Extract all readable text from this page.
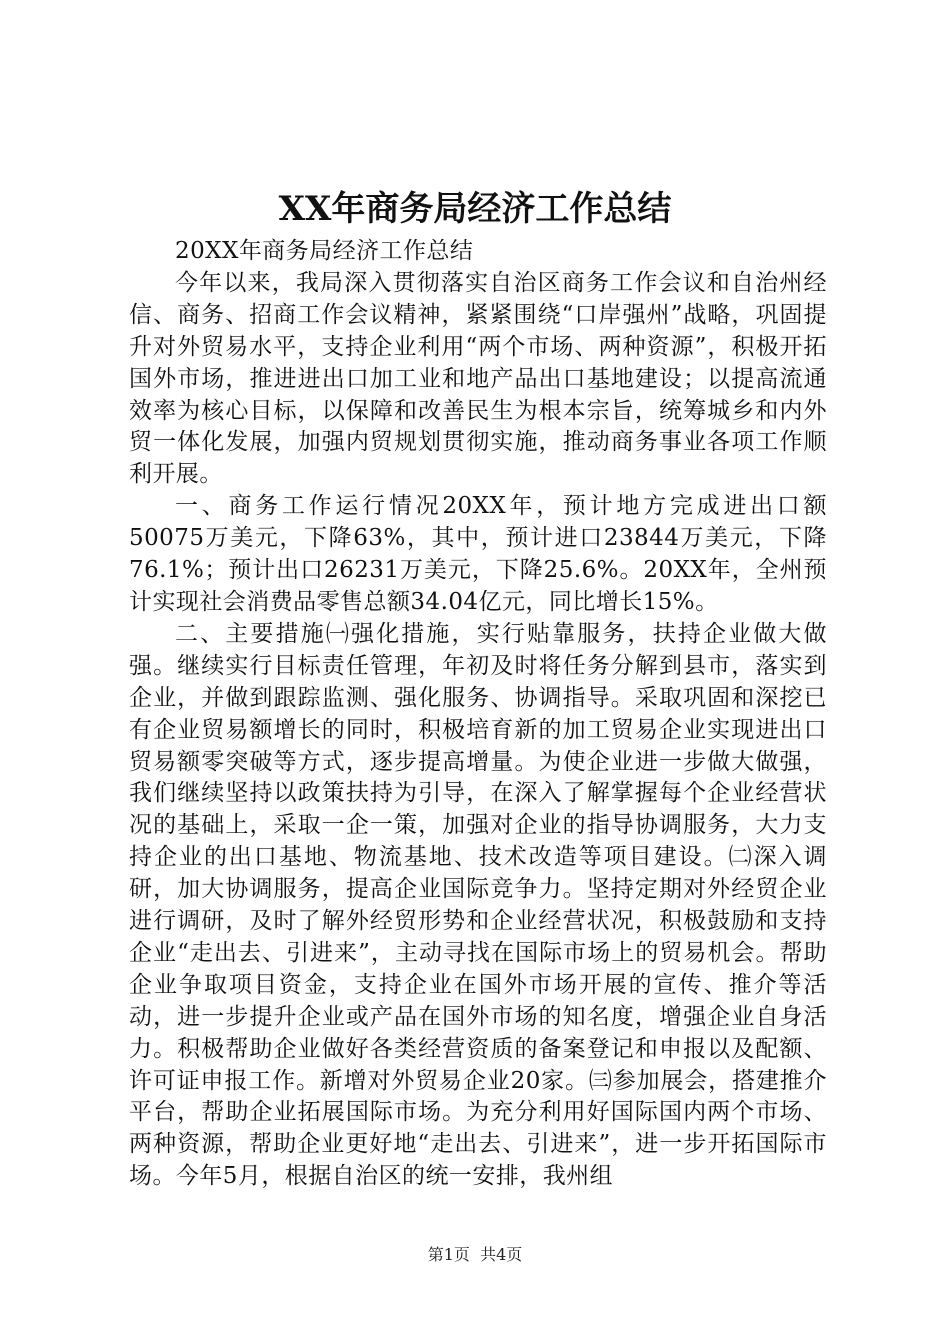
XX年商务局经济工作总结

20XX年商务局经济工作总结

今年以来，我局深入贯彻落实自治区商务工作会议和自治州经信、商务、招商工作会议精神，紧紧围绕“口岸强州”战略，巩固提升对外贸易水平，支持企业利用“两个市场、两种资源”，积极开拓国外市场，推进进出口加工业和地产品出口基地建设；以提高流通效率为核心目标，以保障和改善民生为根本宗旨，统筹城乡和内外贸一体化发展，加强内贸规划贯彻实施，推动商务事业各项工作顺利开展。

一、商务工作运行情况20XX年，预计地方完成进出口额50075万美元，下降63%，其中，预计进口23844万美元，下降76.1%；预计出口26231万美元，下降25.6%。20XX年，全州预计实现社会消费品零售总额34.04亿元，同比增长15%。

二、主要措施㈠强化措施，实行贴靠服务，扶持企业做大做强。继续实行目标责任管理，年初及时将任务分解到县市，落实到企业，并做到跟踪监测、强化服务、协调指导。采取巩固和深挖已有企业贸易额增长的同时，积极培育新的加工贸易企业实现进出口贸易额零突破等方式，逐步提高增量。为使企业进一步做大做强，我们继续坚持以政策扶持为引导，在深入了解掌握每个企业经营状况的基础上，采取一企一策，加强对企业的指导协调服务，大力支持企业的出口基地、物流基地、技术改造等项目建设。㈡深入调研，加大协调服务，提高企业国际竞争力。坚持定期对外经贸企业进行调研，及时了解外经贸形势和企业经营状况，积极鼓励和支持企业“走出去、引进来”，主动寻找在国际市场上的贸易机会。帮助企业争取项目资金，支持企业在国外市场开展的宣传、推介等活动，进一步提升企业或产品在国外市场的知名度，增强企业自身活力。积极帮助企业做好各类经营资质的备案登记和申报以及配额、许可证申报工作。新增对外贸易企业20家。㈢参加展会，搭建推介平台，帮助企业拓展国际市场。为充分利用好国际国内两个市场、两种资源，帮助企业更好地“走出去、引进来”，进一步开拓国际市场。今年5月，根据自治区的统一安排，我州组

第1页 共4页
